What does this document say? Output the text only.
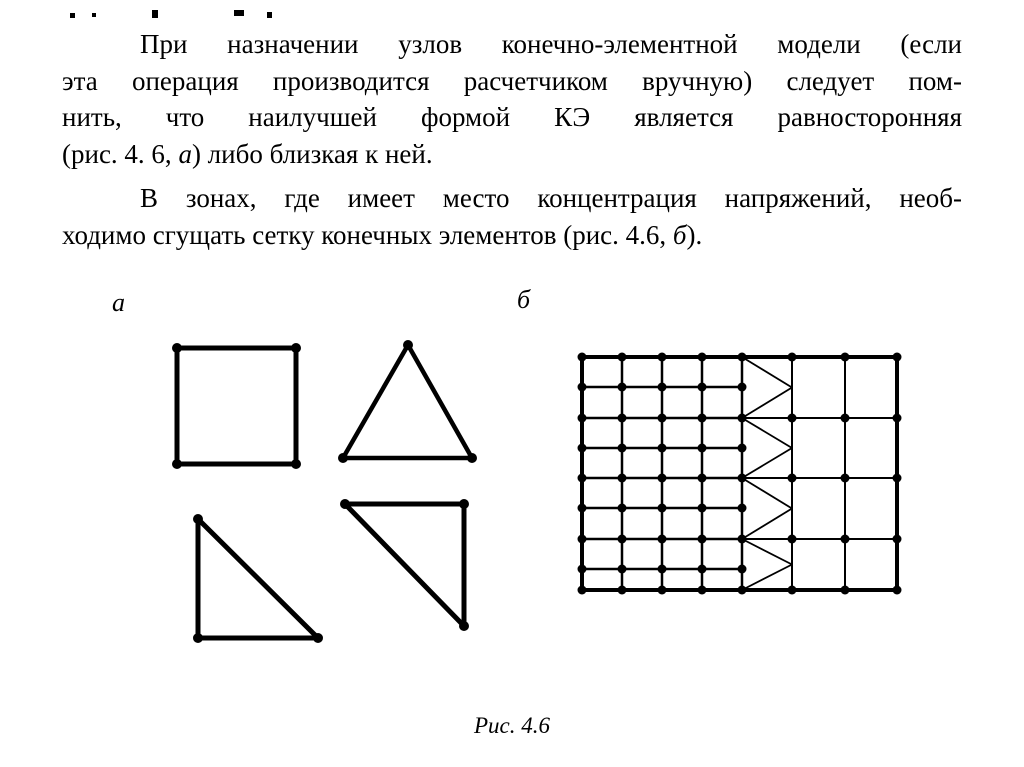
При назначении узлов конечно-элементной модели (если
эта операция производится расчетчиком вручную) следует пом-
нить, что наилучшей формой КЭ является равносторонняя
(рис. 4. 6, а) либо близкая к ней.
В зонах, где имеет место концентрация напряжений, необ-
ходимо сгущать сетку конечных элементов (рис. 4.6, б).
а	б
Рис. 4.6
